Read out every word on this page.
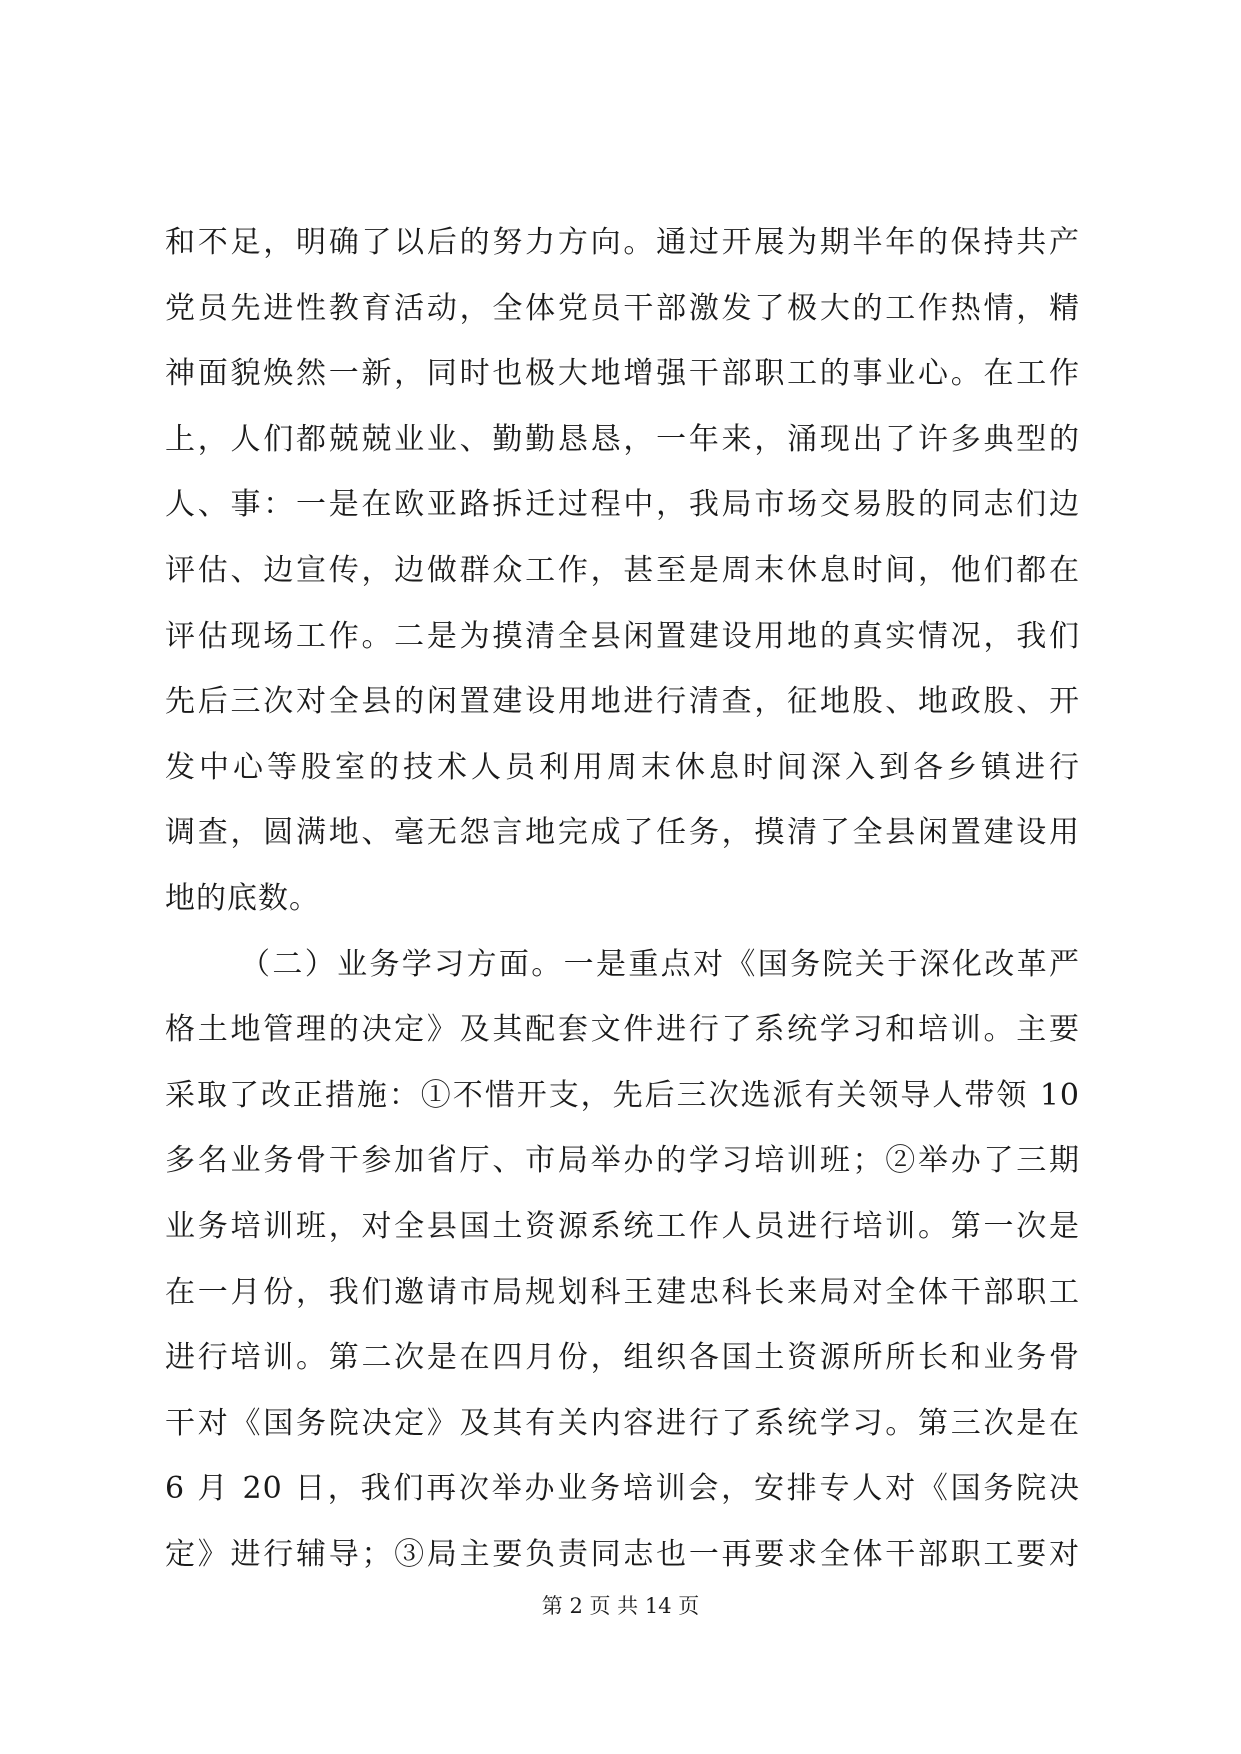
和不足，明确了以后的努力方向。通过开展为期半年的保持共产
党员先进性教育活动，全体党员干部激发了极大的工作热情，精
神面貌焕然一新，同时也极大地增强干部职工的事业心。在工作
上，人们都兢兢业业、勤勤恳恳，一年来，涌现出了许多典型的
人、事：一是在欧亚路拆迁过程中，我局市场交易股的同志们边
评估、边宣传，边做群众工作，甚至是周末休息时间，他们都在
评估现场工作。二是为摸清全县闲置建设用地的真实情况，我们
先后三次对全县的闲置建设用地进行清查，征地股、地政股、开
发中心等股室的技术人员利用周末休息时间深入到各乡镇进行
调查，圆满地、毫无怨言地完成了任务，摸清了全县闲置建设用
地的底数。
（二）业务学习方面。一是重点对《国务院关于深化改革严
格土地管理的决定》及其配套文件进行了系统学习和培训。主要
采取了改正措施：①不惜开支，先后三次选派有关领导人带领 10
多名业务骨干参加省厅、市局举办的学习培训班；②举办了三期
业务培训班，对全县国土资源系统工作人员进行培训。第一次是
在一月份，我们邀请市局规划科王建忠科长来局对全体干部职工
进行培训。第二次是在四月份，组织各国土资源所所长和业务骨
干对《国务院决定》及其有关内容进行了系统学习。第三次是在
6 月 20 日，我们再次举办业务培训会，安排专人对《国务院决
定》进行辅导；③局主要负责同志也一再要求全体干部职工要对
第 2 页 共 14 页
